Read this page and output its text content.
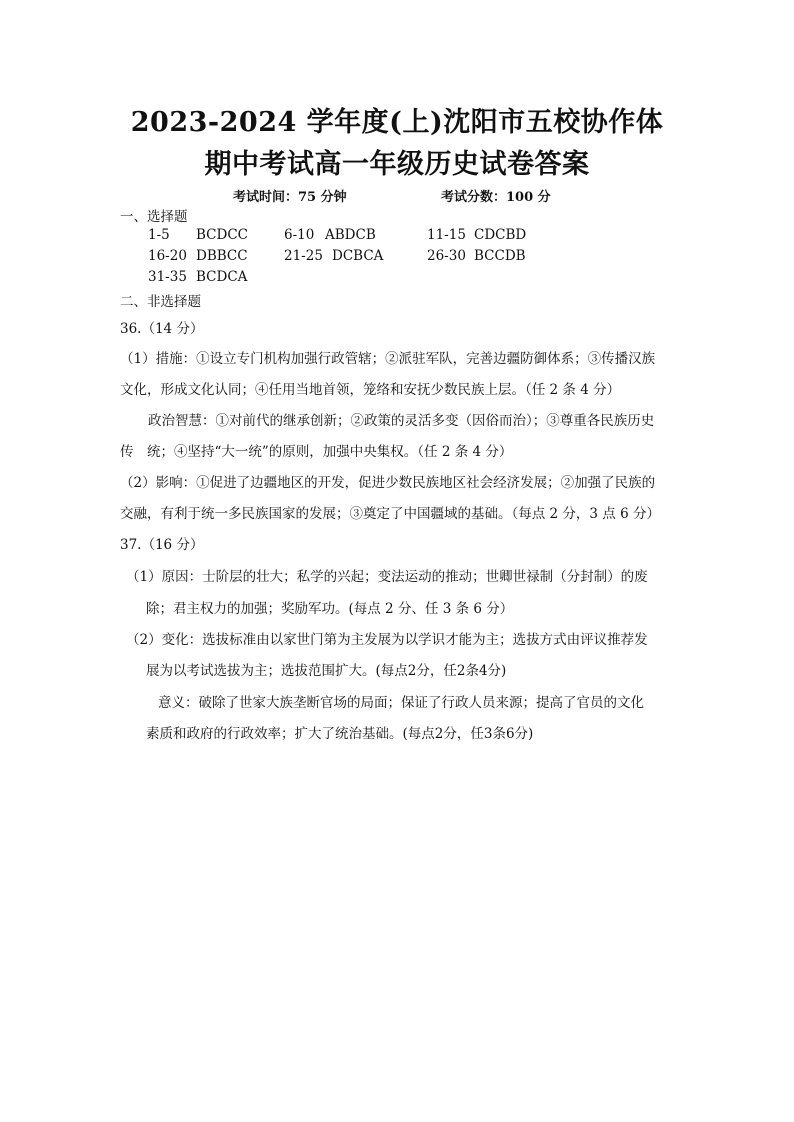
2023-2024 学年度(上)沈阳市五校协作体
期中考试高一年级历史试卷答案
考试时间：75 分钟	考试分数：100 分
一、选择题
1-5 BCDCC	6-10 ABDCB	11-15 CDCBD
16-20 DBBCC	21-25 DCBCA	26-30 BCCDB
31-35 BCDCA
二、非选择题
36.（14 分）
（1）措施：①设立专门机构加强行政管辖；②派驻军队，完善边疆防御体系；③传播汉族
文化，形成文化认同；④任用当地首领，笼络和安抚少数民族上层。（任 2 条 4 分）
政治智慧：①对前代的继承创新；②政策的灵活多变（因俗而治）；③尊重各民族历史
传　统；④坚持“大一统”的原则，加强中央集权。（任 2 条 4 分）
（2）影响：①促进了边疆地区的开发，促进少数民族地区社会经济发展；②加强了民族的
交融，有利于统一多民族国家的发展；③奠定了中国疆域的基础。（每点 2 分，3 点 6 分）
37.（16 分）
（1）原因：士阶层的壮大；私学的兴起；变法运动的推动；世卿世禄制（分封制）的废
除；君主权力的加强；奖励军功。(每点 2 分、任 3 条 6 分）
（2）变化：选拔标准由以家世门第为主发展为以学识才能为主；选拔方式由评议推荐发
展为以考试选拔为主；选拔范围扩大。(每点2分，任2条4分)
意义：破除了世家大族垄断官场的局面；保证了行政人员来源；提高了官员的文化
素质和政府的行政效率；扩大了统治基础。(每点2分，任3条6分)
